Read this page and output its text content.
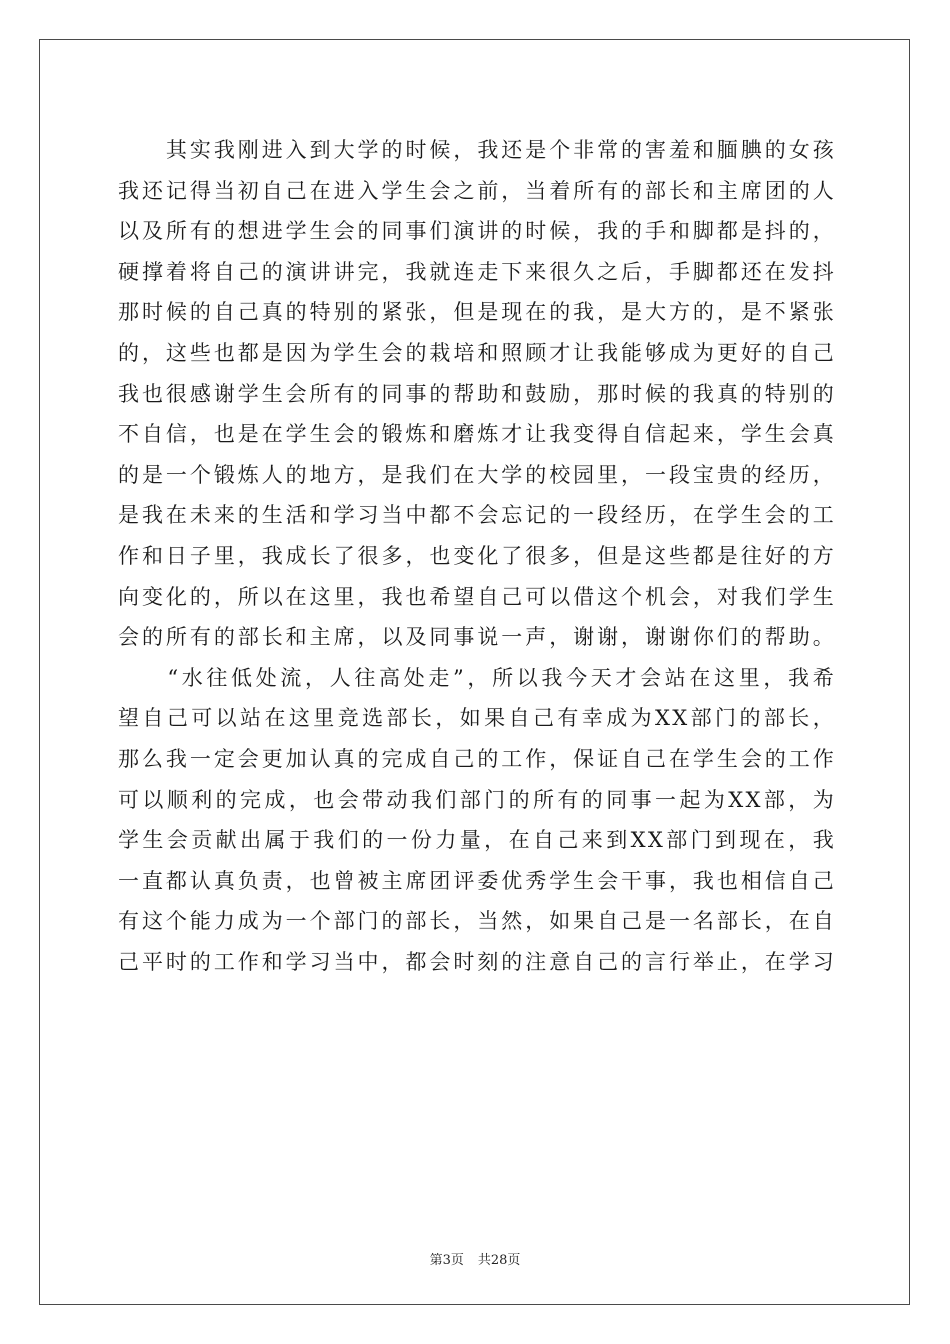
　　其实我刚进入到大学的时候，我还是个非常的害羞和腼腆的女孩
我还记得当初自己在进入学生会之前，当着所有的部长和主席团的人
以及所有的想进学生会的同事们演讲的时候，我的手和脚都是抖的，
硬撑着将自己的演讲讲完，我就连走下来很久之后，手脚都还在发抖
那时候的自己真的特别的紧张，但是现在的我，是大方的，是不紧张
的，这些也都是因为学生会的栽培和照顾才让我能够成为更好的自己
我也很感谢学生会所有的同事的帮助和鼓励，那时候的我真的特别的
不自信，也是在学生会的锻炼和磨炼才让我变得自信起来，学生会真
的是一个锻炼人的地方，是我们在大学的校园里，一段宝贵的经历，
是我在未来的生活和学习当中都不会忘记的一段经历，在学生会的工
作和日子里，我成长了很多，也变化了很多，但是这些都是往好的方
向变化的，所以在这里，我也希望自己可以借这个机会，对我们学生
会的所有的部长和主席，以及同事说一声，谢谢，谢谢你们的帮助。
　　“水往低处流，人往高处走”，所以我今天才会站在这里，我希
望自己可以站在这里竞选部长，如果自己有幸成为XX部门的部长，
那么我一定会更加认真的完成自己的工作，保证自己在学生会的工作
可以顺利的完成，也会带动我们部门的所有的同事一起为XX部，为
学生会贡献出属于我们的一份力量，在自己来到XX部门到现在，我
一直都认真负责，也曾被主席团评委优秀学生会干事，我也相信自己
有这个能力成为一个部门的部长，当然，如果自己是一名部长，在自
己平时的工作和学习当中，都会时刻的注意自己的言行举止，在学习
第3页 共28页
